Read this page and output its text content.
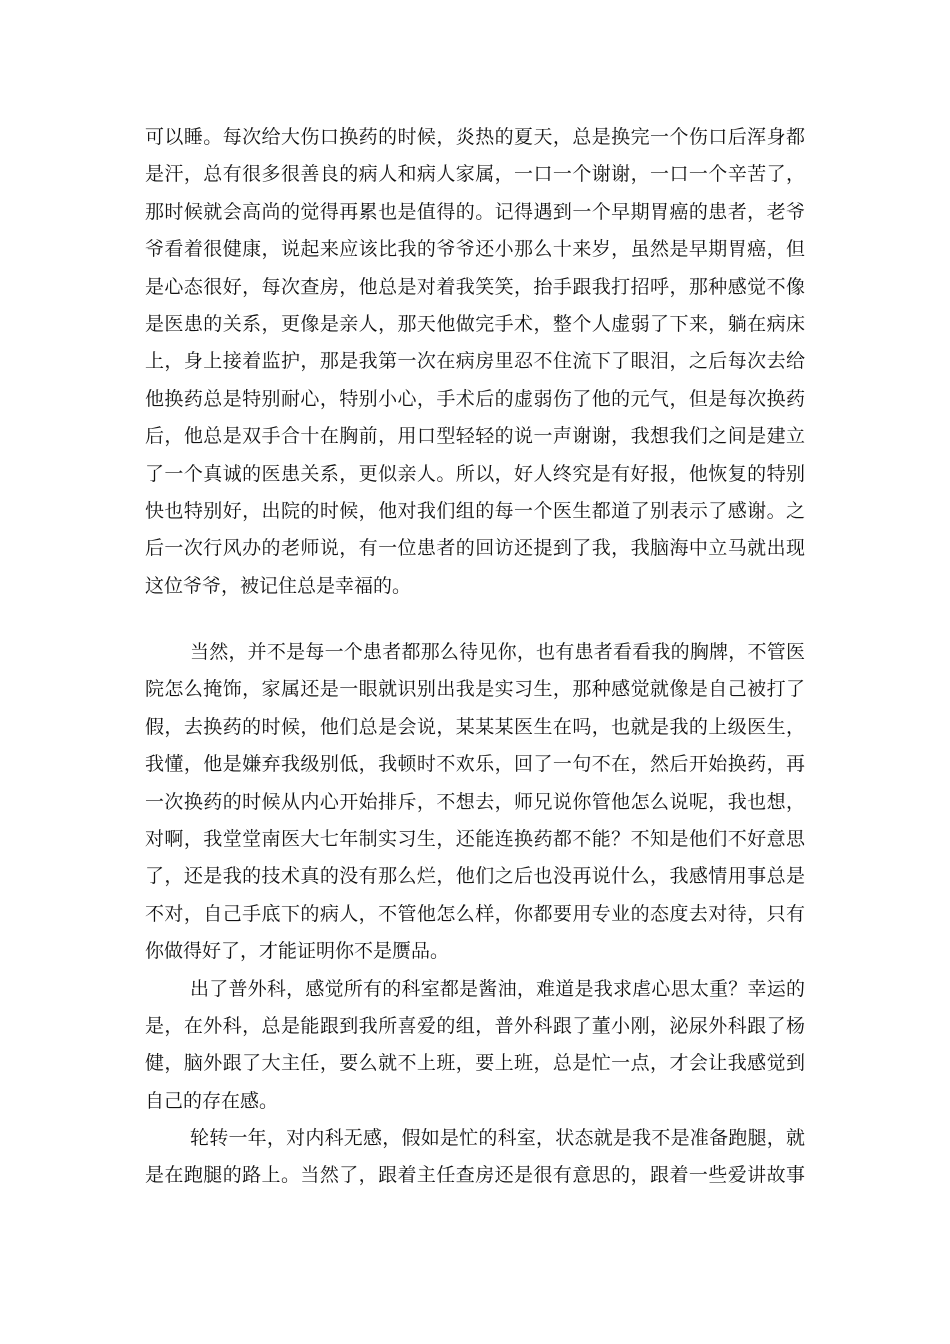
可以睡。每次给大伤口换药的时候，炎热的夏天，总是换完一个伤口后浑身都
是汗，总有很多很善良的病人和病人家属，一口一个谢谢，一口一个辛苦了，
那时候就会高尚的觉得再累也是值得的。记得遇到一个早期胃癌的患者，老爷
爷看着很健康，说起来应该比我的爷爷还小那么十来岁，虽然是早期胃癌，但
是心态很好，每次查房，他总是对着我笑笑，抬手跟我打招呼，那种感觉不像
是医患的关系，更像是亲人，那天他做完手术，整个人虚弱了下来，躺在病床
上，身上接着监护，那是我第一次在病房里忍不住流下了眼泪，之后每次去给
他换药总是特别耐心，特别小心，手术后的虚弱伤了他的元气，但是每次换药
后，他总是双手合十在胸前，用口型轻轻的说一声谢谢，我想我们之间是建立
了一个真诚的医患关系，更似亲人。所以，好人终究是有好报，他恢复的特别
快也特别好，出院的时候，他对我们组的每一个医生都道了别表示了感谢。之
后一次行风办的老师说，有一位患者的回访还提到了我，我脑海中立马就出现
这位爷爷，被记住总是幸福的。
当然，并不是每一个患者都那么待见你，也有患者看看我的胸牌，不管医
院怎么掩饰，家属还是一眼就识别出我是实习生，那种感觉就像是自己被打了
假，去换药的时候，他们总是会说，某某某医生在吗，也就是我的上级医生，
我懂，他是嫌弃我级别低，我顿时不欢乐，回了一句不在，然后开始换药，再
一次换药的时候从内心开始排斥，不想去，师兄说你管他怎么说呢，我也想，
对啊，我堂堂南医大七年制实习生，还能连换药都不能？不知是他们不好意思
了，还是我的技术真的没有那么烂，他们之后也没再说什么，我感情用事总是
不对，自己手底下的病人，不管他怎么样，你都要用专业的态度去对待，只有
你做得好了，才能证明你不是赝品。
出了普外科，感觉所有的科室都是酱油，难道是我求虐心思太重？幸运的
是，在外科，总是能跟到我所喜爱的组，普外科跟了董小刚，泌尿外科跟了杨
健，脑外跟了大主任，要么就不上班，要上班，总是忙一点，才会让我感觉到
自己的存在感。
轮转一年，对内科无感，假如是忙的科室，状态就是我不是准备跑腿，就
是在跑腿的路上。当然了，跟着主任查房还是很有意思的，跟着一些爱讲故事
